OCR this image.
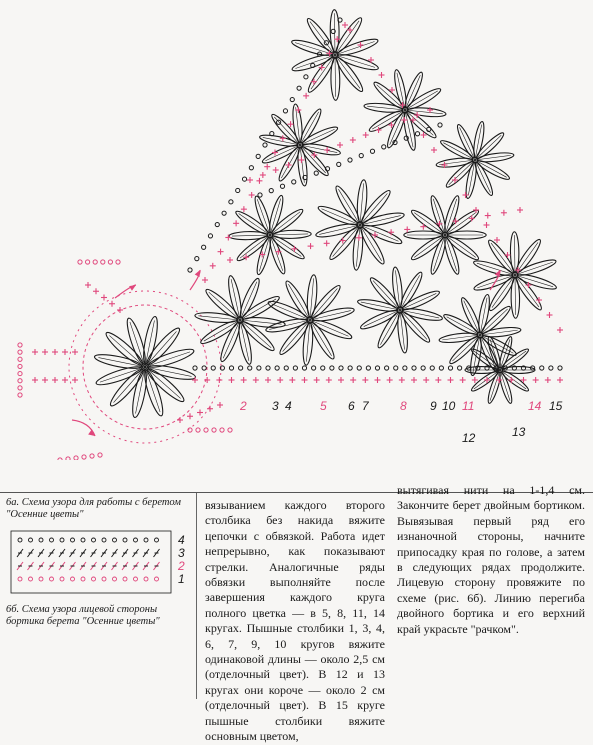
2 3 4 5 6 7	8 9 10 11
12	13
14 15
6а. Схема узора для работы с беретом "Осенние цветы"
4
3
2
1
6б. Схема узора лицевой стороны бортика берета "Осенние цветы"

вязыванием каждого второго столбика без накида вяжите цепочки с обвязкой. Работа идет непрерывно, как показывают стрелки. Аналогичные ряды обвязки выполняйте после завершения каждого круга полного цветка — в 5, 8, 11, 14 кругах. Пышные столбики 1, 3, 4, 6, 7, 9, 10 кругов вяжите одинаковой длины — около 2,5 см (отделочный цвет). В 12 и 13 кругах они короче — около 2 см (отделочный цвет). В 15 круге пышные столбики вяжите основным цветом,

вытягивая нити на 1-1,4 см. Закончите берет двойным бортиком. Вывязывая первый ряд его изнаночной стороны, начните припосадку края по голове, а затем в следующих рядах продолжите. Лицевую сторону провяжите по схеме (рис. 6б). Линию перегиба двойного бортика и его верхний край украсьте "рачком".
